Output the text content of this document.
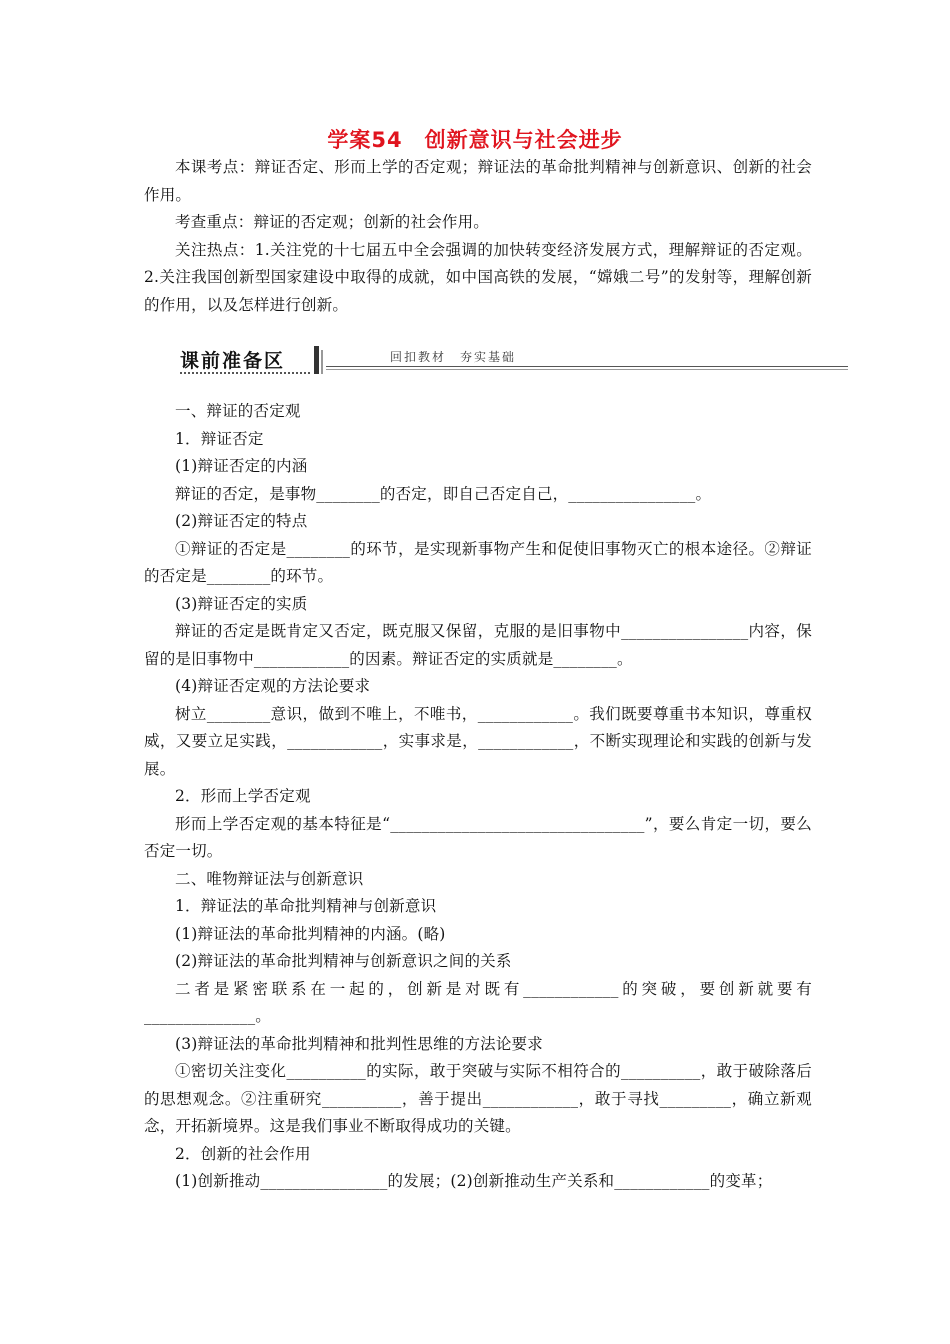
学案54　创新意识与社会进步

本课考点：辩证否定、形而上学的否定观；辩证法的革命批判精神与创新意识、创新的社会作用。

考查重点：辩证的否定观；创新的社会作用。

关注热点：1.关注党的十七届五中全会强调的加快转变经济发展方式，理解辩证的否定观。2.关注我国创新型国家建设中取得的成就，如中国高铁的发展，“嫦娥二号”的发射等，理解创新的作用，以及怎样进行创新。

课前准备区	回扣教材　夯实基础

一、辩证的否定观

1．辩证否定

(1)辩证否定的内涵

辩证的否定，是事物________的否定，即自己否定自己，________________。

(2)辩证否定的特点

①辩证的否定是________的环节，是实现新事物产生和促使旧事物灭亡的根本途径。②辩证的否定是________的环节。

(3)辩证否定的实质

辩证的否定是既肯定又否定，既克服又保留，克服的是旧事物中________________内容，保留的是旧事物中____________的因素。辩证否定的实质就是________。

(4)辩证否定观的方法论要求

树立________意识，做到不唯上，不唯书，____________。我们既要尊重书本知识，尊重权威，又要立足实践，____________，实事求是，____________，不断实现理论和实践的创新与发展。

2．形而上学否定观

形而上学否定观的基本特征是“________________________________”，要么肯定一切，要么否定一切。

二、唯物辩证法与创新意识

1．辩证法的革命批判精神与创新意识

(1)辩证法的革命批判精神的内涵。(略)

(2)辩证法的革命批判精神与创新意识之间的关系

二者是紧密联系在一起的，创新是对既有____________的突破，要创新就要有______________。

(3)辩证法的革命批判精神和批判性思维的方法论要求

①密切关注变化__________的实际，敢于突破与实际不相符合的__________，敢于破除落后的思想观念。②注重研究__________，善于提出____________，敢于寻找_________，确立新观念，开拓新境界。这是我们事业不断取得成功的关键。

2．创新的社会作用

(1)创新推动________________的发展；(2)创新推动生产关系和____________的变革；
